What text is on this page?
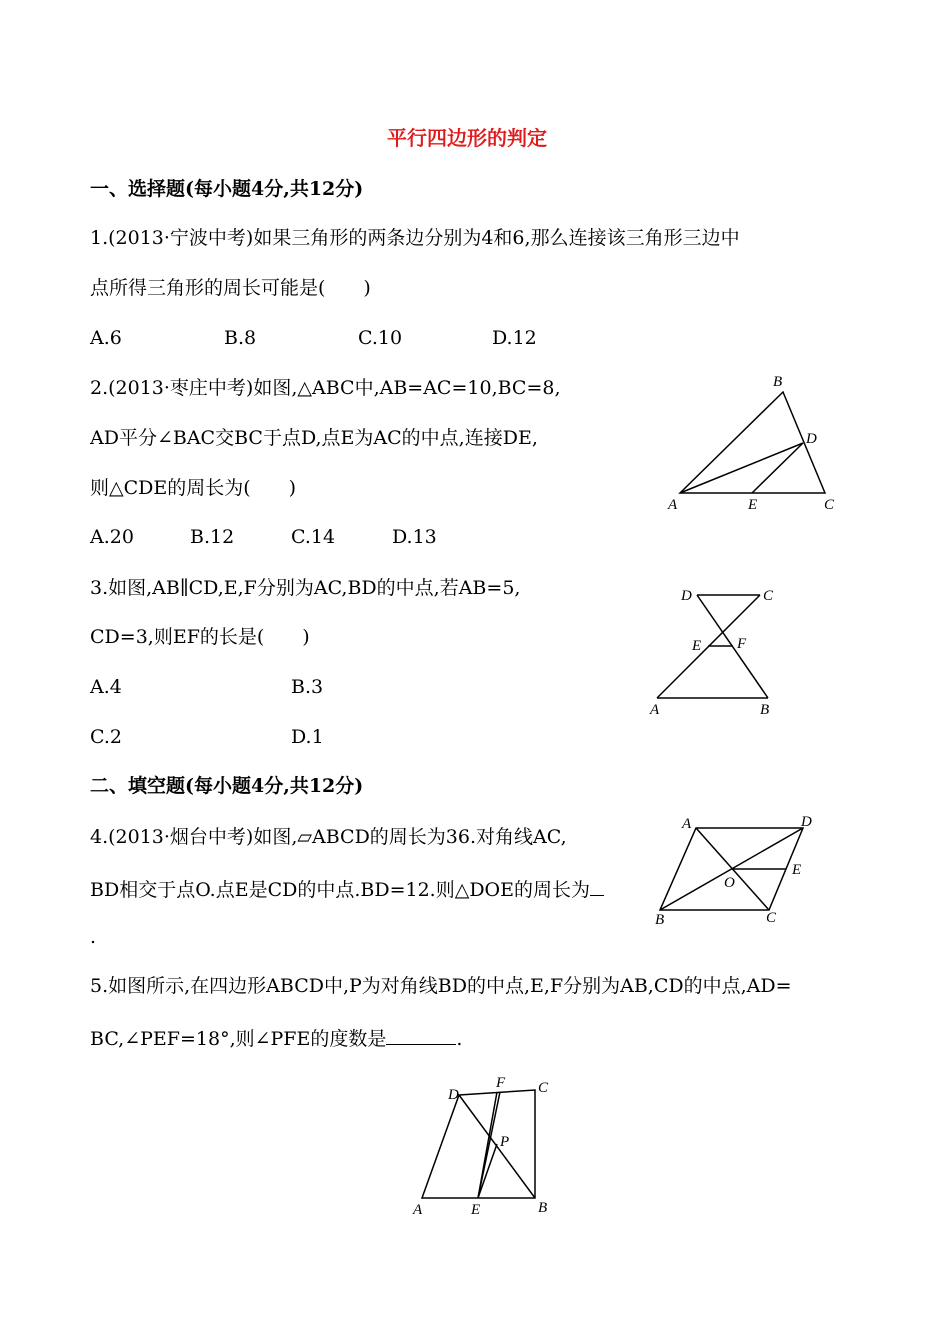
平行四边形的判定
一、选择题(每小题4分,共12分)
1.(2013·宁波中考)如果三角形的两条边分别为4和6,那么连接该三角形三边中
点所得三角形的周长可能是(　　)
A.6	B.8	C.10	D.12
2.(2013·枣庄中考)如图,△ABC中,AB=AC=10,BC=8,
AD平分∠BAC交BC于点D,点E为AC的中点,连接DE,
则△CDE的周长为(　　)
A.20	B.12	C.14	D.13
B
D
A	E	C
3.如图,AB∥CD,E,F分别为AC,BD的中点,若AB=5,
CD=3,则EF的长是(　　)
A.4	B.3
C.2	D.1
D	C
E F
A	B
二、填空题(每小题4分,共12分)
4.(2013·烟台中考)如图,▱ABCD的周长为36.对角线AC,
BD相交于点O.点E是CD的中点.BD=12.则△DOE的周长为
.
A	D
E
O
B	C
5.如图所示,在四边形ABCD中,P为对角线BD的中点,E,F分别为AB,CD的中点,AD=
BC,∠PEF=18°,则∠PFE的度数是	.
D
F C
P
A	E	B
